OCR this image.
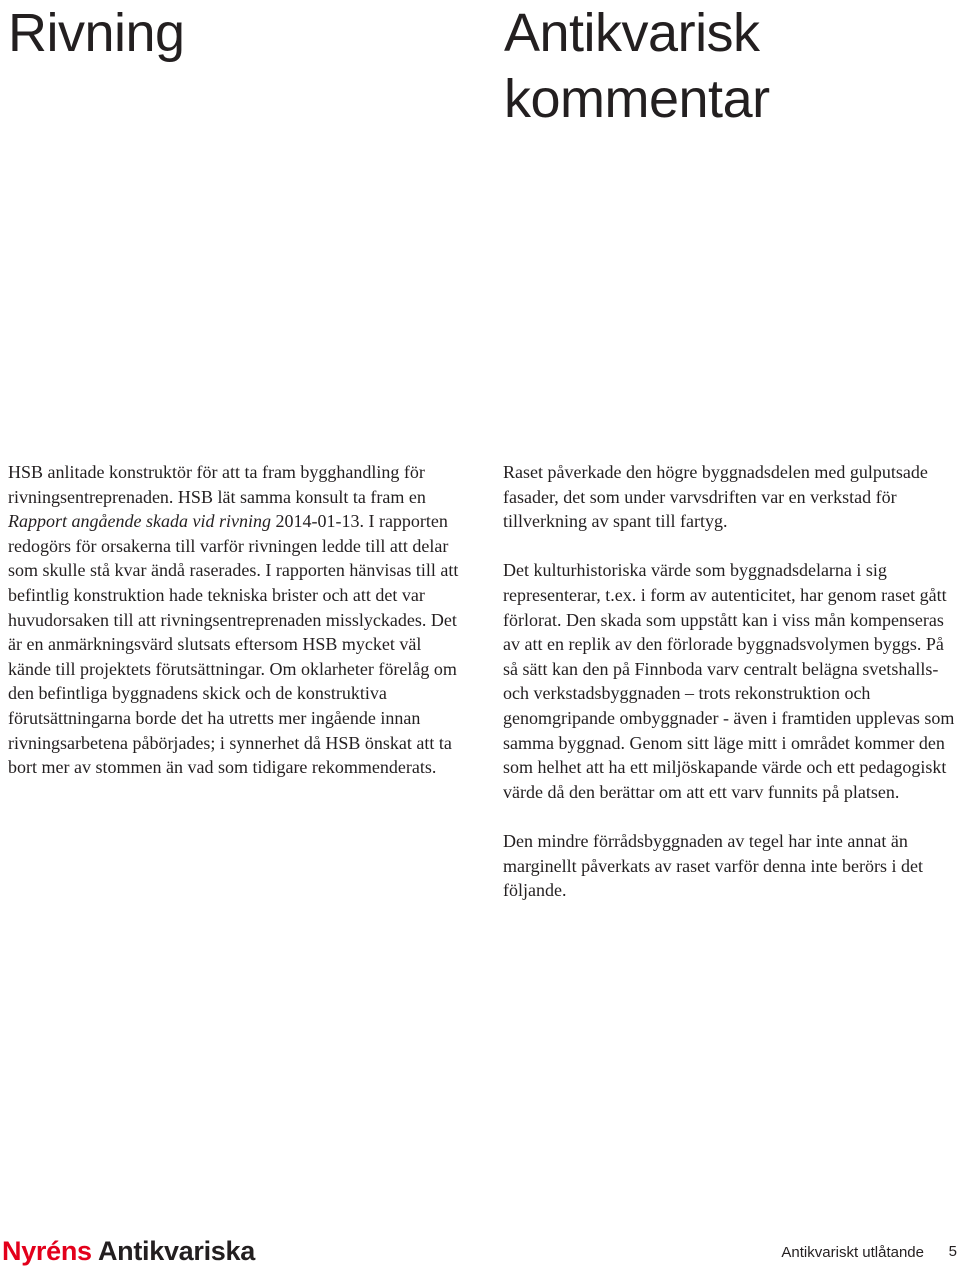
Rivning	Antikvarisk kommentar

HSB anlitade konstruktör för att ta fram bygghandling för rivningsentreprenaden. HSB lät samma konsult ta fram en Rapport angående skada vid rivning 2014-01-13. I rapporten redogörs för orsakerna till varför rivningen ledde till att delar som skulle stå kvar ändå raserades. I rapporten hänvisas till att befintlig konstruktion hade tekniska brister och att det var huvudorsaken till att rivningsentreprenaden misslyckades. Det är en anmärkningsvärd slutsats eftersom HSB mycket väl kände till projektets förutsättningar. Om oklarheter förelåg om den befintliga byggnadens skick och de konstruktiva förutsättningarna borde det ha utretts mer ingående innan rivningsarbetena påbörjades; i synnerhet då HSB önskat att ta bort mer av stommen än vad som tidigare rekommenderats.

Raset påverkade den högre byggnadsdelen med gulputsade fasader, det som under varvsdriften var en verkstad för tillverkning av spant till fartyg.

Det kulturhistoriska värde som byggnadsdelarna i sig representerar, t.ex. i form av autenticitet, har genom raset gått förlorat. Den skada som uppstått kan i viss mån kompenseras av att en replik av den förlorade byggnadsvolymen byggs. På så sätt kan den på Finnboda varv centralt belägna svetshalls- och verkstadsbyggnaden – trots rekonstruktion och genomgripande ombyggnader - även i framtiden upplevas som samma byggnad. Genom sitt läge mitt i området kommer den som helhet att ha ett miljöskapande värde och ett pedagogiskt värde då den berättar om att ett varv funnits på platsen.

Den mindre förrådsbyggnaden av tegel har inte annat än marginellt påverkats av raset varför denna inte berörs i det följande.

Nyréns Antikvariska	Antikvariskt utlåtande 5
